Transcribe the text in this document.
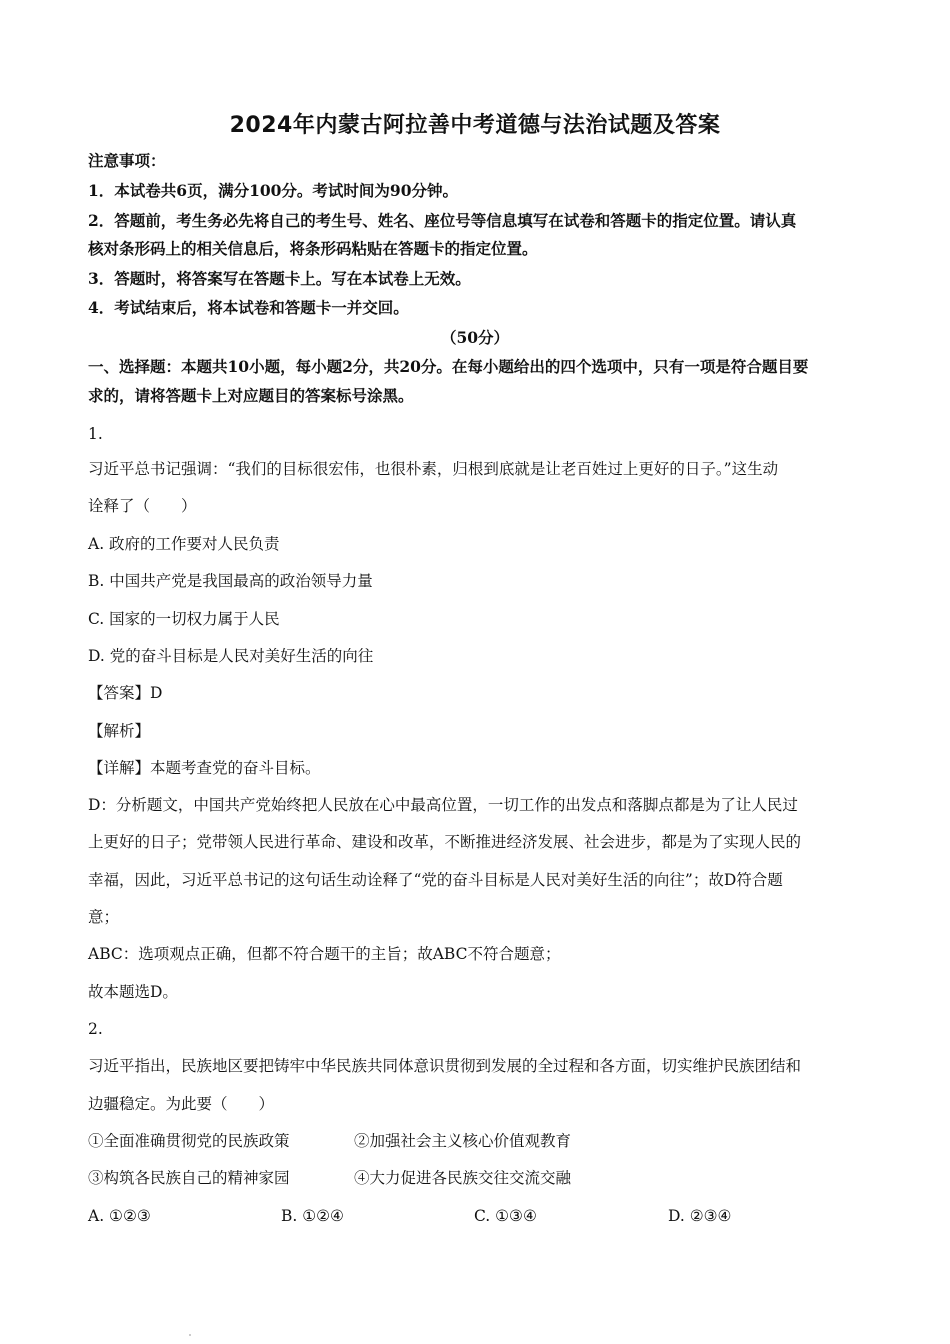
2024年内蒙古阿拉善中考道德与法治试题及答案
注意事项：
1．本试卷共6页，满分100分。考试时间为90分钟。
2．答题前，考生务必先将自己的考生号、姓名、座位号等信息填写在试卷和答题卡的指定位置。请认真
核对条形码上的相关信息后，将条形码粘贴在答题卡的指定位置。
3．答题时，将答案写在答题卡上。写在本试卷上无效。
4．考试结束后，将本试卷和答题卡一并交回。
（50分）
一、选择题：本题共10小题，每小题2分，共20分。在每小题给出的四个选项中，只有一项是符合题目要
求的，请将答题卡上对应题目的答案标号涂黑。
1.
习近平总书记强调：“我们的目标很宏伟，也很朴素，归根到底就是让老百姓过上更好的日子。”这生动
诠释了（　　）
A. 政府的工作要对人民负责
B. 中国共产党是我国最高的政治领导力量
C. 国家的一切权力属于人民
D. 党的奋斗目标是人民对美好生活的向往
【答案】D
【解析】
【详解】本题考查党的奋斗目标。
D：分析题文，中国共产党始终把人民放在心中最高位置，一切工作的出发点和落脚点都是为了让人民过
上更好的日子；党带领人民进行革命、建设和改革，不断推进经济发展、社会进步，都是为了实现人民的
幸福，因此，习近平总书记的这句话生动诠释了“党的奋斗目标是人民对美好生活的向往”；故D符合题
意；
ABC：选项观点正确，但都不符合题干的主旨；故ABC不符合题意；
故本题选D。
2.
习近平指出，民族地区要把铸牢中华民族共同体意识贯彻到发展的全过程和各方面，切实维护民族团结和
边疆稳定。为此要（　　）
①全面准确贯彻党的民族政策	②加强社会主义核心价值观教育
③构筑各民族自己的精神家园	④大力促进各民族交往交流交融
A. ①②③	B. ①②④	C. ①③④	D. ②③④
